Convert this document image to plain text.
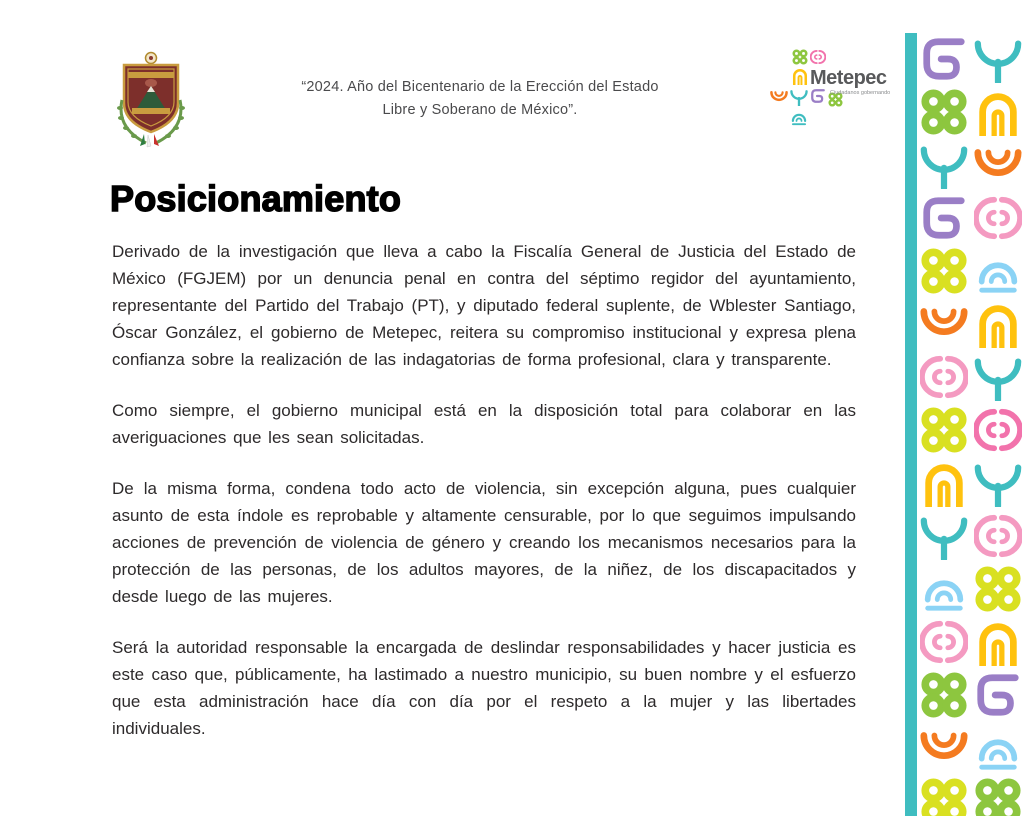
“2024. Año del Bicentenario de la Erección del Estado
Libre y Soberano de México”.
Metepec
Ciudadanos gobernando
Posicionamiento

Derivado de la investigación que lleva a cabo la Fiscalía General de Justicia del Estado de México (FGJEM) por un denuncia penal en contra del séptimo regidor del ayuntamiento, representante del Partido del Trabajo (PT), y diputado federal suplente, de Wblester Santiago, Óscar González, el gobierno de Metepec, reitera su compromiso institucional y expresa plena confianza sobre la realización de las indagatorias de forma profesional, clara y transparente.

Como siempre, el gobierno municipal está en la disposición total para colaborar en las averiguaciones que les sean solicitadas.

De la misma forma, condena todo acto de violencia, sin excepción alguna, pues cualquier asunto de esta índole es reprobable y altamente censurable, por lo que seguimos impulsando acciones de prevención de violencia de género y creando los mecanismos necesarios para la protección de las personas, de los adultos mayores, de la niñez, de los discapacitados y desde luego de las mujeres.

Será la autoridad responsable la encargada de deslindar responsabilidades y hacer justicia es este caso que, públicamente, ha lastimado a nuestro municipio, su buen nombre y el esfuerzo que esta administración hace día con día por el respeto a la mujer y las libertades individuales.
